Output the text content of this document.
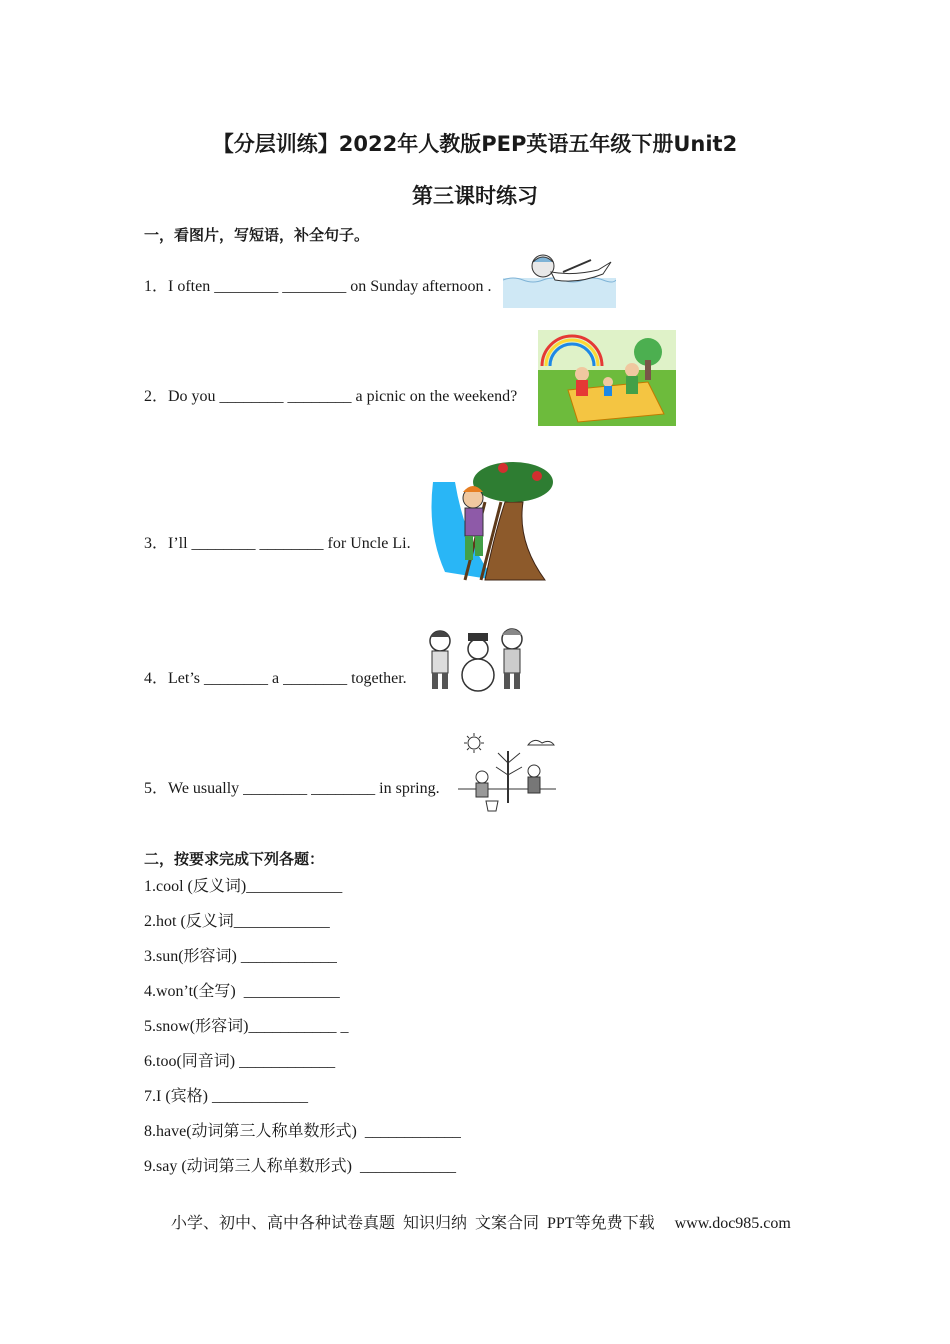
【分层训练】2022年人教版PEP英语五年级下册Unit2
第三课时练习
一，看图片，写短语，补全句子。
1．I often ________ ________ on Sunday afternoon .
2．Do you ________ ________ a picnic on the weekend?
3．I’ll ________ ________ for Uncle Li.
4．Let’s ________ a ________ together.
5．We usually ________ ________ in spring.
二，按要求完成下列各题：
1.cool (反义词)____________
2.hot (反义词____________
3.sun(形容词) ____________
4.won’t(全写)  ____________
5.snow(形容词)___________ _
6.too(同音词) ____________
7.I (宾格) ____________
8.have(动词第三人称单数形式)  ____________
9.say (动词第三人称单数形式)  ____________

小学、初中、高中各种试卷真题  知识归纳  文案合同  PPT等免费下载 www.doc985.com
